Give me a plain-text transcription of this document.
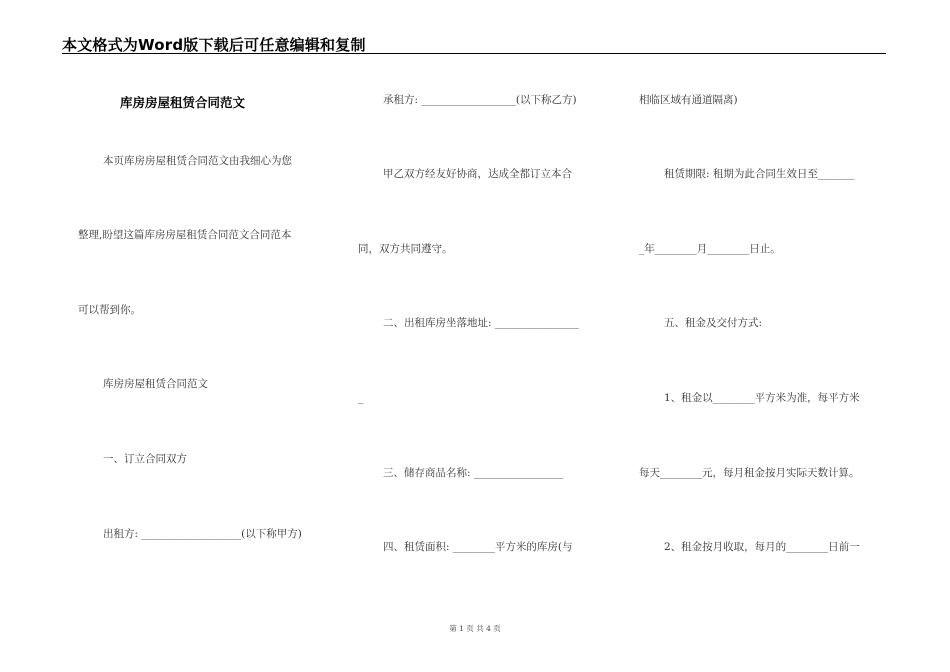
本文格式为Word版下载后可任意编辑和复制
库房房屋租赁合同范文
本页库房房屋租赁合同范文由我细心为您
整理,盼望这篇库房房屋租赁合同范文合同范本
可以帮到你。
库房房屋租赁合同范文
一、订立合同双方
出租方: ___________________(以下称甲方)
承租方: __________________(以下称乙方)
甲乙双方经友好协商，达成全都订立本合
同，双方共同遵守。
二、出租库房坐落地址: ________________
_
三、储存商品名称: _________________
四、租赁面积: ________平方米的库房(与
相临区域有通道隔离)
租赁期限: 租期为此合同生效日至_______
_年________月________日止。
五、租金及交付方式:
1、租金以________平方米为准，每平方米
每天________元，每月租金按月实际天数计算。
2、租金按月收取，每月的________日前一
第 1 页 共 4 页
